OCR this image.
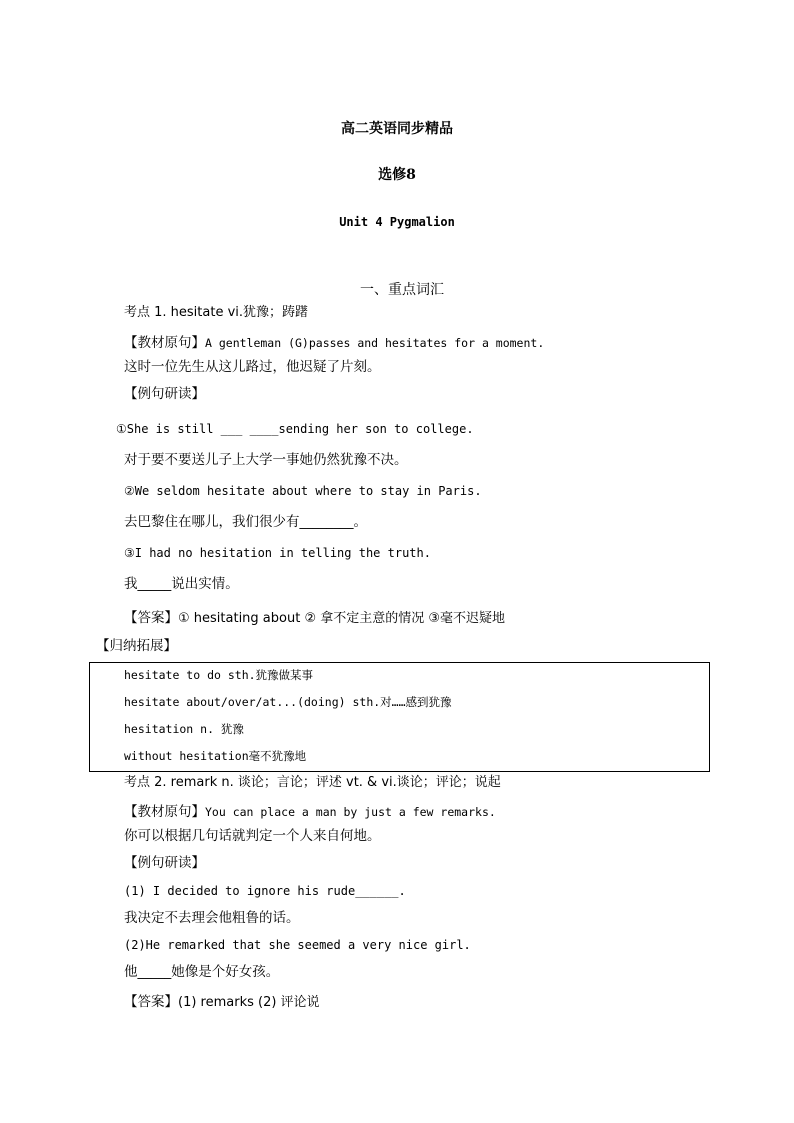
高二英语同步精品
选修8
Unit 4 Pygmalion
一、重点词汇
考点 1. hesitate vi.犹豫；踌躇
【教材原句】A gentleman (G)passes and hesitates for a moment.
这时一位先生从这儿路过，他迟疑了片刻。
【例句研读】
①She is still ___ ____sending her son to college.
对于要不要送儿子上大学一事她仍然犹豫不决。
②We seldom hesitate about where to stay in Paris.
去巴黎住在哪儿，我们很少有________。
③I had no hesitation in telling the truth.
我_____说出实情。
【答案】① hesitating about ② 拿不定主意的情况 ③毫不迟疑地
【归纳拓展】
hesitate to do sth.犹豫做某事
hesitate about/over/at...(doing) sth.对……感到犹豫
hesitation n. 犹豫
without hesitation毫不犹豫地
考点 2. remark n. 谈论；言论；评述 vt. & vi.谈论；评论；说起
【教材原句】You can place a man by just a few remarks.
你可以根据几句话就判定一个人来自何地。
【例句研读】
(1) I decided to ignore his rude______.
我决定不去理会他粗鲁的话。
(2)He remarked that she seemed a very nice girl.
他_____她像是个好女孩。
【答案】(1) remarks (2) 评论说
